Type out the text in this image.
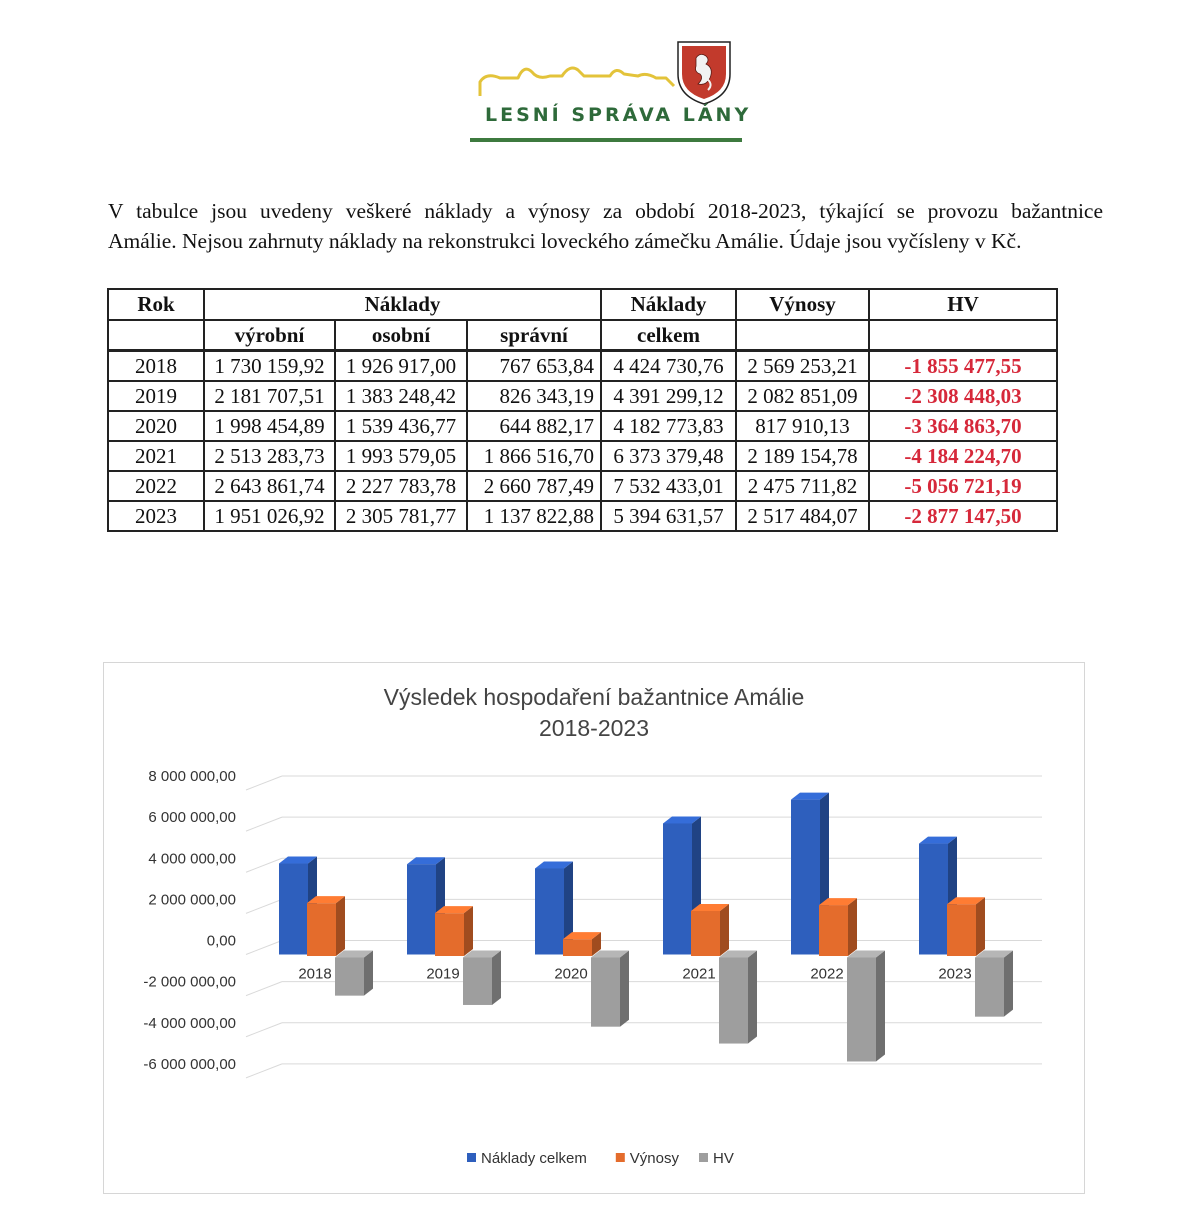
LESNÍ SPRÁVA LÁNY
V tabulce jsou uvedeny veškeré náklady a výnosy za období 2018-2023, týkající se provozu bažantnice
Amálie. Nejsou zahrnuty náklady na rekonstrukci loveckého zámečku Amálie. Údaje jsou vyčísleny v Kč.
Rok	Náklady			Náklady	Výnosy	HV
	výrobní	osobní	správní	celkem		
2018	1 730 159,92	1 926 917,00	767 653,84	4 424 730,76	2 569 253,21	-1 855 477,55
2019	2 181 707,51	1 383 248,42	826 343,19	4 391 299,12	2 082 851,09	-2 308 448,03
2020	1 998 454,89	1 539 436,77	644 882,17	4 182 773,83	817 910,13	-3 364 863,70
2021	2 513 283,73	1 993 579,05	1 866 516,70	6 373 379,48	2 189 154,78	-4 184 224,70
2022	2 643 861,74	2 227 783,78	2 660 787,49	7 532 433,01	2 475 711,82	-5 056 721,19
2023	1 951 026,92	2 305 781,77	1 137 822,88	5 394 631,57	2 517 484,07	-2 877 147,50
Výsledek hospodaření bažantnice Amálie
2018-2023
8 000 000,00
6 000 000,00
4 000 000,00
2 000 000,00
0,00
-2 000 000,00
-4 000 000,00
-6 000 000,00
2018	2019	2020	2021	2022	2023
Náklady celkem	Výnosy HV
